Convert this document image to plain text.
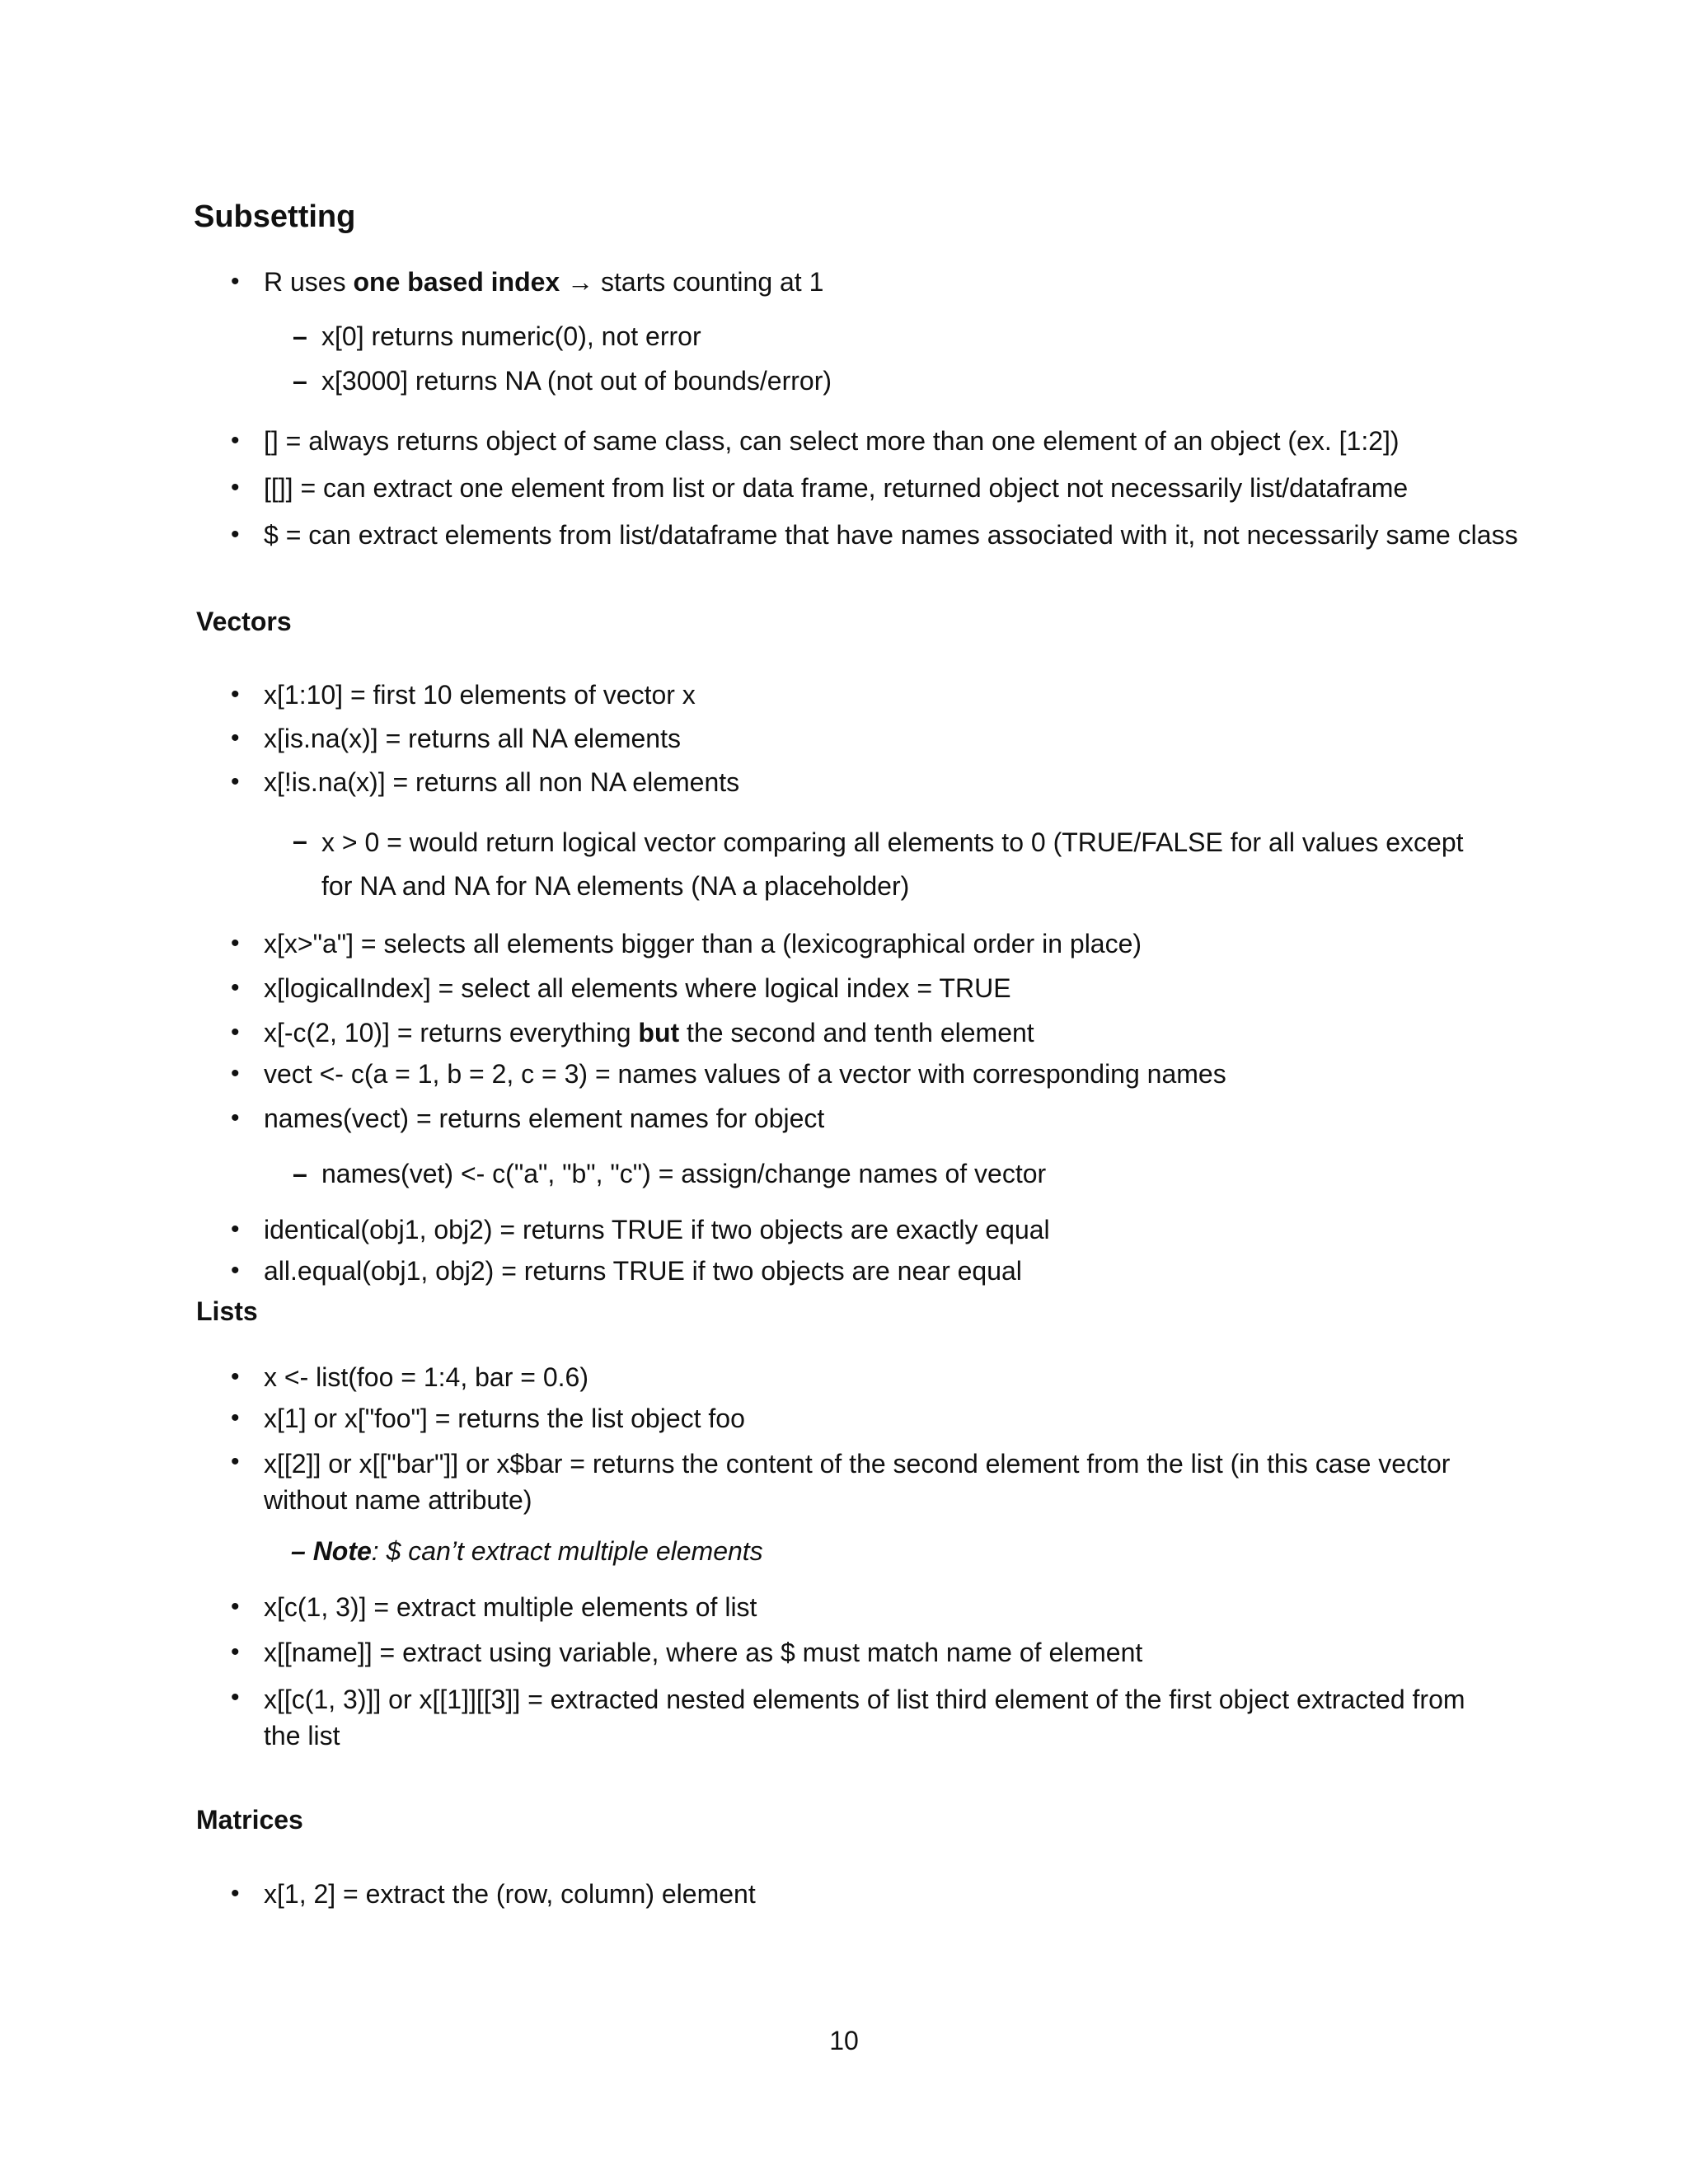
Subsetting
• R uses one based index → starts counting at 1
– x[0] returns numeric(0), not error
– x[3000] returns NA (not out of bounds/error)
• [] = always returns object of same class, can select more than one element of an object (ex. [1:2])
• [[]] = can extract one element from list or data frame, returned object not necessarily list/dataframe
• $ = can extract elements from list/dataframe that have names associated with it, not necessarily same class
Vectors
• x[1:10] = first 10 elements of vector x
• x[is.na(x)] = returns all NA elements
• x[!is.na(x)] = returns all non NA elements
– x > 0 = would return logical vector comparing all elements to 0 (TRUE/FALSE for all values except for NA and NA for NA elements (NA a placeholder)
• x[x>"a"] = selects all elements bigger than a (lexicographical order in place)
• x[logicalIndex] = select all elements where logical index = TRUE
• x[-c(2, 10)] = returns everything but the second and tenth element
• vect <- c(a = 1, b = 2, c = 3) = names values of a vector with corresponding names
• names(vect) = returns element names for object
– names(vet) <- c("a", "b", "c") = assign/change names of vector
• identical(obj1, obj2) = returns TRUE if two objects are exactly equal
• all.equal(obj1, obj2) = returns TRUE if two objects are near equal
Lists
• x <- list(foo = 1:4, bar = 0.6)
• x[1] or x["foo"] = returns the list object foo
• x[[2]] or x[["bar"]] or x$bar = returns the content of the second element from the list (in this case vector without name attribute)
– Note: $ can’t extract multiple elements
• x[c(1, 3)] = extract multiple elements of list
• x[[name]] = extract using variable, where as $ must match name of element
• x[[c(1, 3)]] or x[[1]][[3]] = extracted nested elements of list third element of the first object extracted from the list
Matrices
• x[1, 2] = extract the (row, column) element
10
